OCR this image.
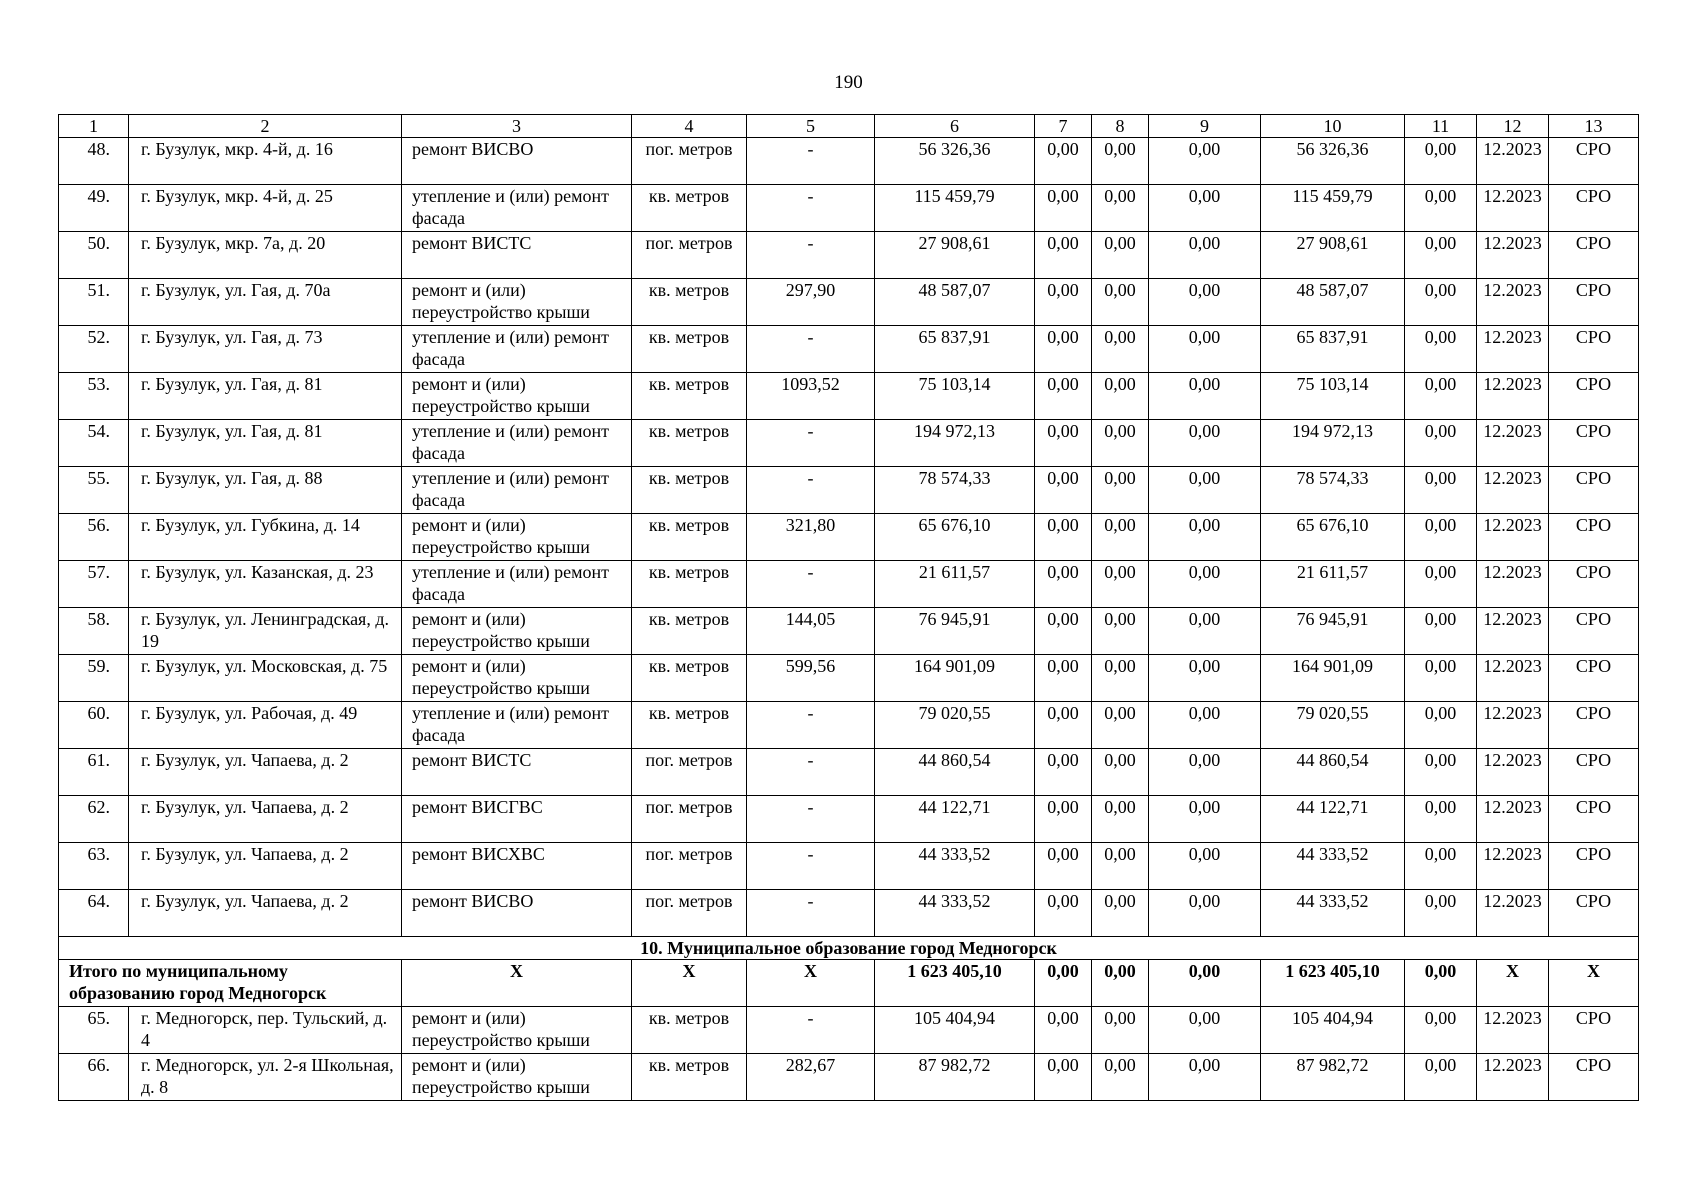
190
1	2	3	4	5	6	7	8	9	10	11	12	13
48.	г. Бузулук, мкр. 4-й, д. 16	ремонт ВИСВО	пог. метров	-	56 326,36	0,00	0,00	0,00	56 326,36	0,00	12.2023	СРО
49.	г. Бузулук, мкр. 4-й, д. 25	утепление и (или) ремонт фасада	кв. метров	-	115 459,79	0,00	0,00	0,00	115 459,79	0,00	12.2023	СРО
50.	г. Бузулук, мкр. 7а, д. 20	ремонт ВИСТС	пог. метров	-	27 908,61	0,00	0,00	0,00	27 908,61	0,00	12.2023	СРО
51.	г. Бузулук, ул. Гая, д. 70а	ремонт и (или) переустройство крыши	кв. метров	297,90	48 587,07	0,00	0,00	0,00	48 587,07	0,00	12.2023	СРО
52.	г. Бузулук, ул. Гая, д. 73	утепление и (или) ремонт фасада	кв. метров	-	65 837,91	0,00	0,00	0,00	65 837,91	0,00	12.2023	СРО
53.	г. Бузулук, ул. Гая, д. 81	ремонт и (или) переустройство крыши	кв. метров	1093,52	75 103,14	0,00	0,00	0,00	75 103,14	0,00	12.2023	СРО
54.	г. Бузулук, ул. Гая, д. 81	утепление и (или) ремонт фасада	кв. метров	-	194 972,13	0,00	0,00	0,00	194 972,13	0,00	12.2023	СРО
55.	г. Бузулук, ул. Гая, д. 88	утепление и (или) ремонт фасада	кв. метров	-	78 574,33	0,00	0,00	0,00	78 574,33	0,00	12.2023	СРО
56.	г. Бузулук, ул. Губкина, д. 14	ремонт и (или) переустройство крыши	кв. метров	321,80	65 676,10	0,00	0,00	0,00	65 676,10	0,00	12.2023	СРО
57.	г. Бузулук, ул. Казанская, д. 23	утепление и (или) ремонт фасада	кв. метров	-	21 611,57	0,00	0,00	0,00	21 611,57	0,00	12.2023	СРО
58.	г. Бузулук, ул. Ленинградская, д. 19	ремонт и (или) переустройство крыши	кв. метров	144,05	76 945,91	0,00	0,00	0,00	76 945,91	0,00	12.2023	СРО
59.	г. Бузулук, ул. Московская, д. 75	ремонт и (или) переустройство крыши	кв. метров	599,56	164 901,09	0,00	0,00	0,00	164 901,09	0,00	12.2023	СРО
60.	г. Бузулук, ул. Рабочая, д. 49	утепление и (или) ремонт фасада	кв. метров	-	79 020,55	0,00	0,00	0,00	79 020,55	0,00	12.2023	СРО
61.	г. Бузулук, ул. Чапаева, д. 2	ремонт ВИСТС	пог. метров	-	44 860,54	0,00	0,00	0,00	44 860,54	0,00	12.2023	СРО
62.	г. Бузулук, ул. Чапаева, д. 2	ремонт ВИСГВС	пог. метров	-	44 122,71	0,00	0,00	0,00	44 122,71	0,00	12.2023	СРО
63.	г. Бузулук, ул. Чапаева, д. 2	ремонт ВИСХВС	пог. метров	-	44 333,52	0,00	0,00	0,00	44 333,52	0,00	12.2023	СРО
64.	г. Бузулук, ул. Чапаева, д. 2	ремонт ВИСВО	пог. метров	-	44 333,52	0,00	0,00	0,00	44 333,52	0,00	12.2023	СРО
10. Муниципальное образование город Медногорск												
Итого по муниципальному образованию город Медногорск		X	X	X	1 623 405,10	0,00	0,00	0,00	1 623 405,10	0,00	X	X
65.	г. Медногорск, пер. Тульский, д. 4	ремонт и (или) переустройство крыши	кв. метров	-	105 404,94	0,00	0,00	0,00	105 404,94	0,00	12.2023	СРО
66.	г. Медногорск, ул. 2-я Школьная, д. 8	ремонт и (или) переустройство крыши	кв. метров	282,67	87 982,72	0,00	0,00	0,00	87 982,72	0,00	12.2023	СРО
